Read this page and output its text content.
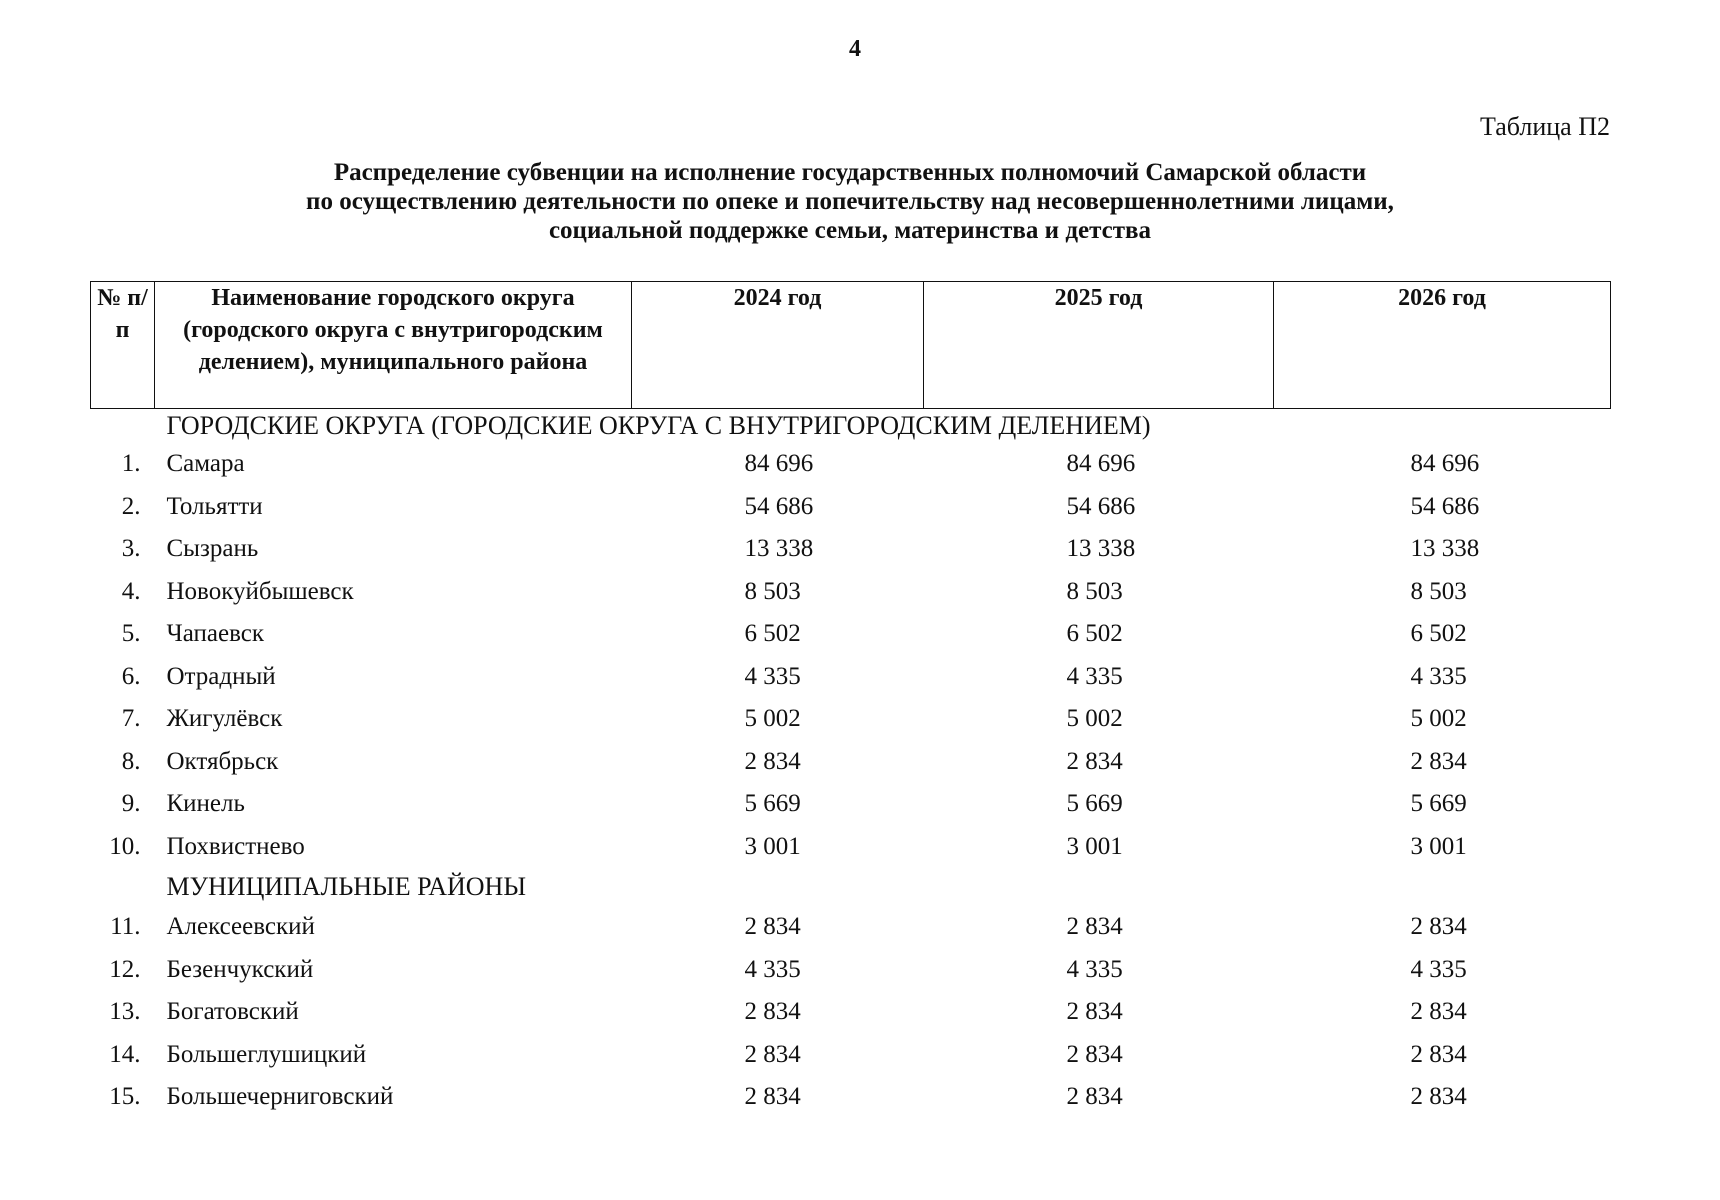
4
Таблица П2
Распределение субвенции на исполнение государственных полномочий Самарской области
по осуществлению деятельности по опеке и попечительству над несовершеннолетними лицами,
социальной поддержке семьи, материнства и детства
№ п/п	Наименование городского округа (городского округа с внутригородским делением), муниципального района	2024 год	2025 год	2026 год
ГОРОДСКИЕ ОКРУГА (ГОРОДСКИЕ ОКРУГА С ВНУТРИГОРОДСКИМ ДЕЛЕНИЕМ)				
1.	Самара	84 696	84 696	84 696
2.	Тольятти	54 686	54 686	54 686
3.	Сызрань	13 338	13 338	13 338
4.	Новокуйбышевск	8 503	8 503	8 503
5.	Чапаевск	6 502	6 502	6 502
6.	Отрадный	4 335	4 335	4 335
7.	Жигулёвск	5 002	5 002	5 002
8.	Октябрьск	2 834	2 834	2 834
9.	Кинель	5 669	5 669	5 669
10.	Похвистнево	3 001	3 001	3 001
МУНИЦИПАЛЬНЫЕ РАЙОНЫ				
11.	Алексеевский	2 834	2 834	2 834
12.	Безенчукский	4 335	4 335	4 335
13.	Богатовский	2 834	2 834	2 834
14.	Большеглушицкий	2 834	2 834	2 834
15.	Большечерниговский	2 834	2 834	2 834
